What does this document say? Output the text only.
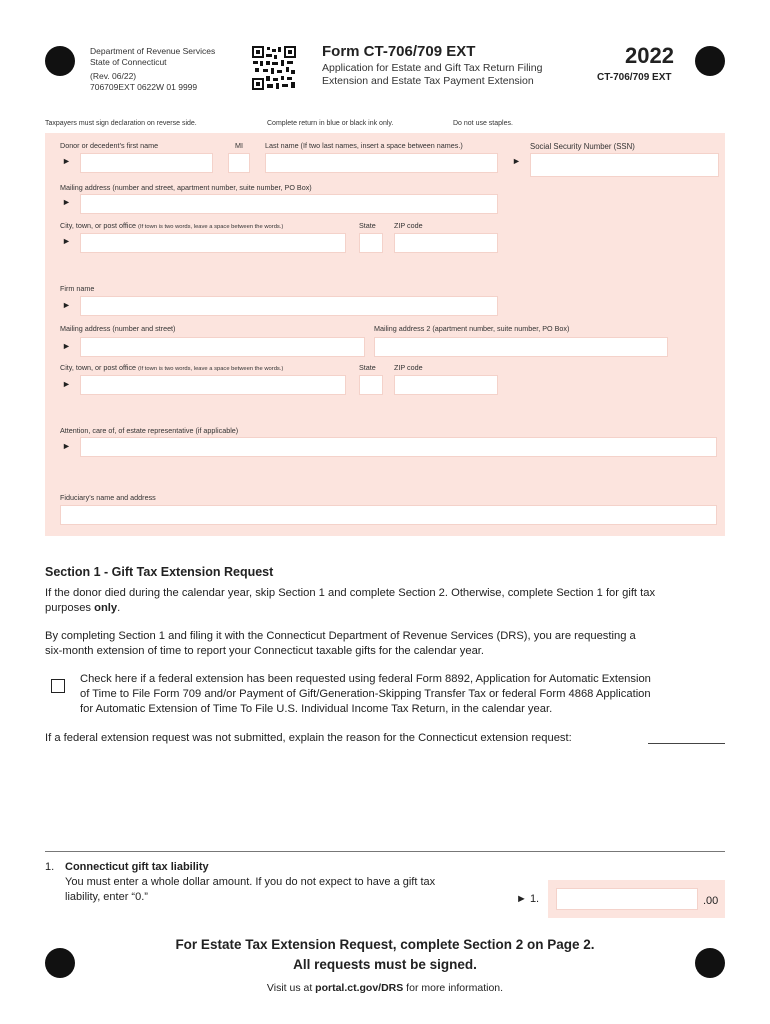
Department of Revenue Services
State of Connecticut
(Rev. 06/22)
706709EXT 0622W 01 9999
Form CT-706/709 EXT
Application for Estate and Gift Tax Return Filing
Extension and Estate Tax Payment Extension
2022
CT-706/709 EXT
Taxpayers must sign declaration on reverse side.	Complete return in blue or black ink only.	Do not use staples.
Donor or decedent’s first name	MI	Last name (If two last names, insert a space between names.)	Social Security Number (SSN)
►	►
Mailing address (number and street, apartment number, suite number, PO Box)
►
City, town, or post office (If town is two words, leave a space between the words.)	State	ZIP code
►
Firm name
►
Mailing address (number and street)	Mailing address 2 (apartment number, suite number, PO Box)
►
City, town, or post office (If town is two words, leave a space between the words.)	State	ZIP code
►
Attention, care of, of estate representative (if applicable)
►
Fiduciary’s name and address
Section 1 - Gift Tax Extension Request
If the donor died during the calendar year, skip Section 1 and complete Section 2. Otherwise, complete Section 1 for gift tax
purposes only.
By completing Section 1 and filing it with the Connecticut Department of Revenue Services (DRS), you are requesting a
six-month extension of time to report your Connecticut taxable gifts for the calendar year.
Check here if a federal extension has been requested using federal Form 8892, Application for Automatic Extension
of Time to File Form 709 and/or Payment of Gift/Generation-Skipping Transfer Tax or federal Form 4868 Application
for Automatic Extension of Time To File U.S. Individual Income Tax Return, in the calendar year.
If a federal extension request was not submitted, explain the reason for the Connecticut extension request:
1. Connecticut gift tax liability
You must enter a whole dollar amount. If you do not expect to have a gift tax
liability, enter “0.”	► 1.	.00
For Estate Tax Extension Request, complete Section 2 on Page 2.
All requests must be signed.
Visit us at portal.ct.gov/DRS for more information.
